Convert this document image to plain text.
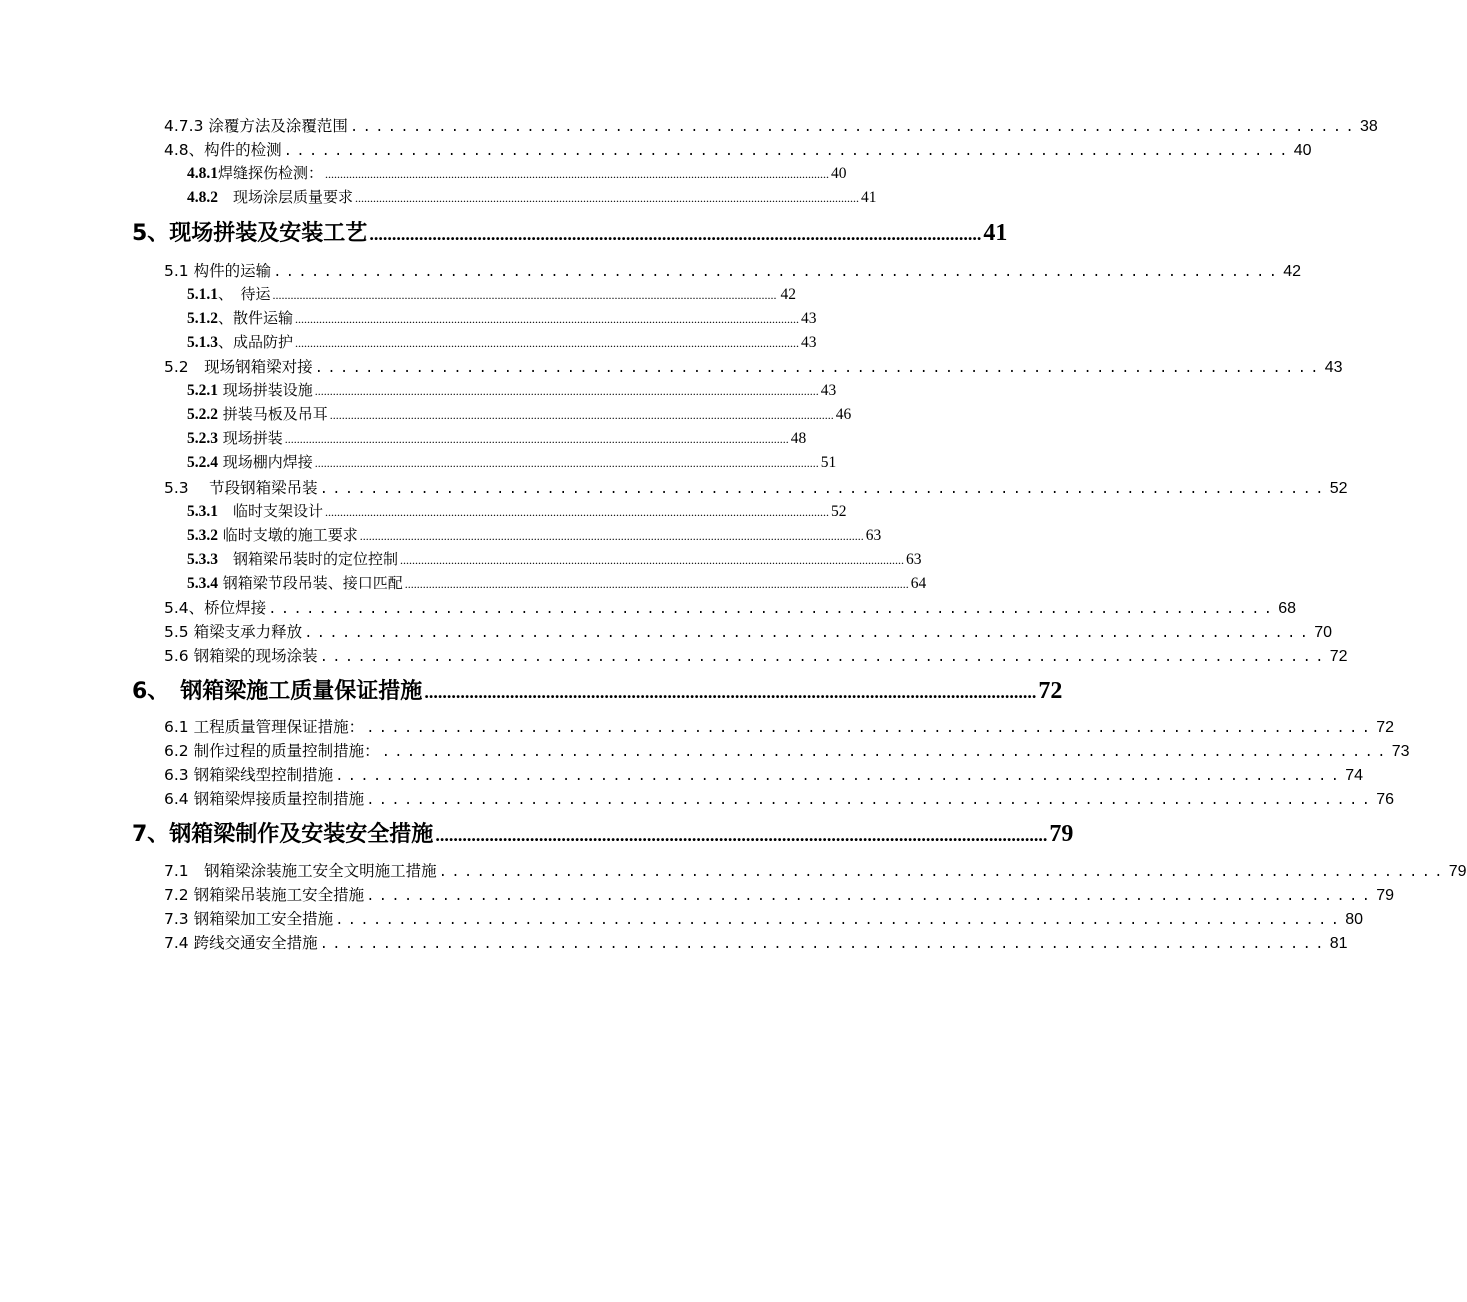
4.7.3 涂覆方法及涂覆范围 ................................................................................ 38
4.8、构件的检测 ................................................................................ 40
4.8.1焊缝探伤检测： ........................................................................................................................................................................ 40
4.8.2　现场涂层质量要求 ........................................................................................................................................................................ 41
5、现场拼装及安装工艺 ........................................................................................................................................ 41
5.1 构件的运输 ................................................................................ 42
5.1.1、　待运 ........................................................................................................................................................................ 42
5.1.2、散件运输 ........................................................................................................................................................................ 43
5.1.3、成品防护 ........................................................................................................................................................................ 43
5.2　现场钢箱梁对接 ................................................................................ 43
5.2.1 现场拼装设施 ........................................................................................................................................................................ 43
5.2.2 拼装马板及吊耳 ........................................................................................................................................................................ 46
5.2.3 现场拼装 ........................................................................................................................................................................ 48
5.2.4 现场棚内焊接 ........................................................................................................................................................................ 51
5.3　 节段钢箱梁吊装 ................................................................................ 52
5.3.1　临时支架设计 ........................................................................................................................................................................ 52
5.3.2 临时支墩的施工要求 ........................................................................................................................................................................ 63
5.3.3　钢箱梁吊装时的定位控制 ........................................................................................................................................................................ 63
5.3.4 钢箱梁节段吊装、接口匹配 ........................................................................................................................................................................ 64
5.4、桥位焊接 ................................................................................ 68
5.5 箱梁支承力释放 ................................................................................ 70
5.6 钢箱梁的现场涂装 ................................................................................ 72
6、　钢箱梁施工质量保证措施 ........................................................................................................................................ 72
6.1 工程质量管理保证措施： ................................................................................ 72
6.2 制作过程的质量控制措施： ................................................................................ 73
6.3 钢箱梁线型控制措施 ................................................................................ 74
6.4 钢箱梁焊接质量控制措施 ................................................................................ 76
7、钢箱梁制作及安装安全措施 ........................................................................................................................................ 79
7.1　钢箱梁涂装施工安全文明施工措施 ................................................................................ 79
7.2 钢箱梁吊装施工安全措施 ................................................................................ 79
7.3 钢箱梁加工安全措施 ................................................................................ 80
7.4 跨线交通安全措施 ................................................................................ 81
